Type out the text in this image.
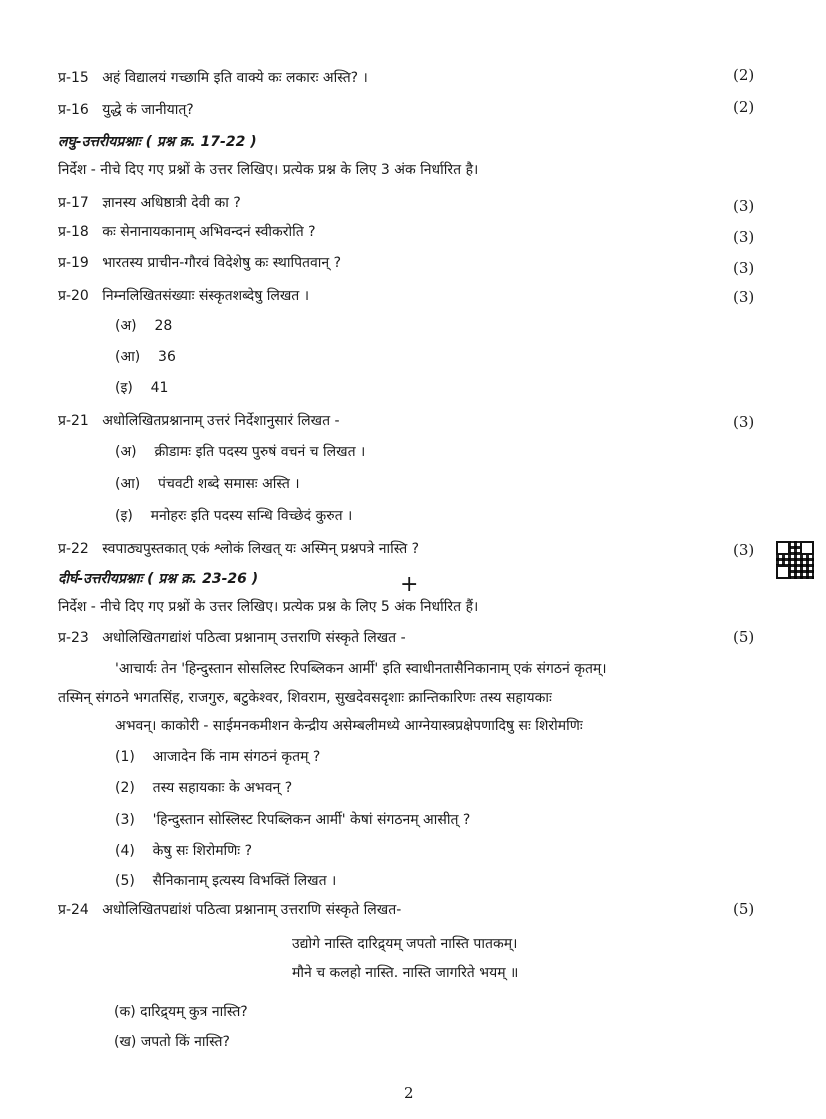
प्र-15 अहं विद्यालयं गच्छामि इति वाक्ये कः लकारः अस्ति? ।	(2)
प्र-16 युद्धे कं जानीयात्?	(2)
लघु-उत्तरीयप्रश्नाः ( प्रश्न क्र. 17-22 )
निर्देश - नीचे दिए गए प्रश्नों के उत्तर लिखिए। प्रत्येक प्रश्न के लिए 3 अंक निर्धारित है।
प्र-17 ज्ञानस्य अधिष्ठात्री देवी का ?	(3)
प्र-18 कः सेनानायकानाम् अभिवन्दनं स्वीकरोति ?	(3)
प्र-19 भारतस्य प्राचीन-गौरवं विदेशेषु कः स्थापितवान् ?	(3)
प्र-20 निम्नलिखितसंख्याः संस्कृतशब्देषु लिखत ।	(3)
(अ) 28
(आ) 36
(इ) 41
प्र-21 अधोलिखितप्रश्नानाम् उत्तरं निर्देशानुसारं लिखत -	(3)
(अ) क्रीडामः इति पदस्य पुरुषं वचनं च लिखत ।
(आ) पंचवटी शब्दे समासः अस्ति ।
(इ) मनोहरः इति पदस्य सन्धि विच्छेदं कुरुत ।
प्र-22 स्वपाठ्यपुस्तकात् एकं श्लोकं लिखत् यः अस्मिन् प्रश्नपत्रे नास्ति ?	(3)
दीर्घ-उत्तरीयप्रश्नाः ( प्रश्न क्र. 23-26 )	+
निर्देश - नीचे दिए गए प्रश्नों के उत्तर लिखिए। प्रत्येक प्रश्न के लिए 5 अंक निर्धारित हैं।
प्र-23 अधोलिखितगद्यांशं पठित्वा प्रश्नानाम् उत्तराणि संस्कृते लिखत -	(5)
'आचार्यः तेन 'हिन्दुस्तान सोसलिस्ट रिपब्लिकन आर्मी' इति स्वाधीनतासैनिकानाम् एकं संगठनं कृतम्।
तस्मिन् संगठने भगतसिंह, राजगुरु, बटुकेश्वर, शिवराम, सुखदेवसदृशाः क्रान्तिकारिणः तस्य सहायकाः
अभवन्। काकोरी - साईमनकमीशन केन्द्रीय असेम्बलीमध्ये आग्नेयास्त्रप्रक्षेपणादिषु सः शिरोमणिः
(1) आजादेन किं नाम संगठनं कृतम् ?
(2) तस्य सहायकाः के अभवन् ?
(3) 'हिन्दुस्तान सोस्लिस्ट रिपब्लिकन आर्मी' केषां संगठनम् आसीत् ?
(4) केषु सः शिरोमणिः ?
(5) सैनिकानाम् इत्यस्य विभक्तिं लिखत ।
प्र-24 अधोलिखितपद्यांशं पठित्वा प्रश्नानाम् उत्तराणि संस्कृते लिखत-	(5)
उद्योगे नास्ति दारिद्र्यम् जपतो नास्ति पातकम्।
मौने च कलहो नास्ति. नास्ति जागरिते भयम् ॥
(क) दारिद्र्यम् कुत्र नास्ति?
(ख) जपतो किं नास्ति?
2
